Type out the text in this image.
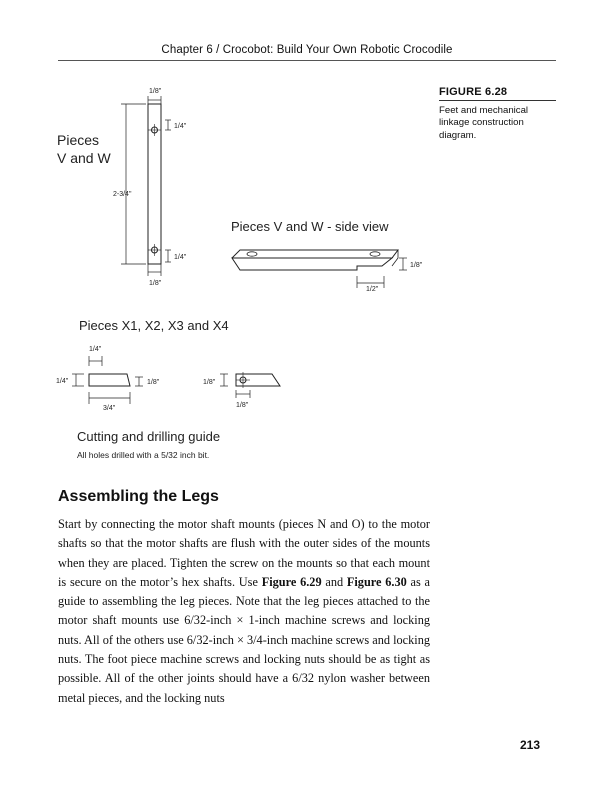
Chapter 6 / Crocobot: Build Your Own Robotic Crocodile
FIGURE 6.28
Feet and mechanical linkage construction diagram.
Pieces
V and W
1/8"
1/4"
2-3/4"
1/4"
1/8"
Pieces V and W - side view
1/8"
1/2"
Pieces X1, X2, X3 and X4
1/4"
1/4"	1/8"
3/4"
1/8"
1/8"
Cutting and drilling guide
All holes drilled with a 5/32 inch bit.
Assembling the Legs

Start by connecting the motor shaft mounts (pieces N and O) to the motor shafts so that the motor shafts are flush with the outer sides of the mounts when they are placed. Tighten the screw on the mounts so that each mount is secure on the motor’s hex shafts. Use Figure 6.29 and Figure 6.30 as a guide to assembling the leg pieces. Note that the leg pieces attached to the motor shaft mounts use 6/32-inch × 1-inch machine screws and locking nuts. All of the others use 6/32-inch × 3/4-inch machine screws and locking nuts. The foot piece machine screws and locking nuts should be as tight as possible. All of the other joints should have a 6/32 nylon washer between metal pieces, and the locking nuts

213
